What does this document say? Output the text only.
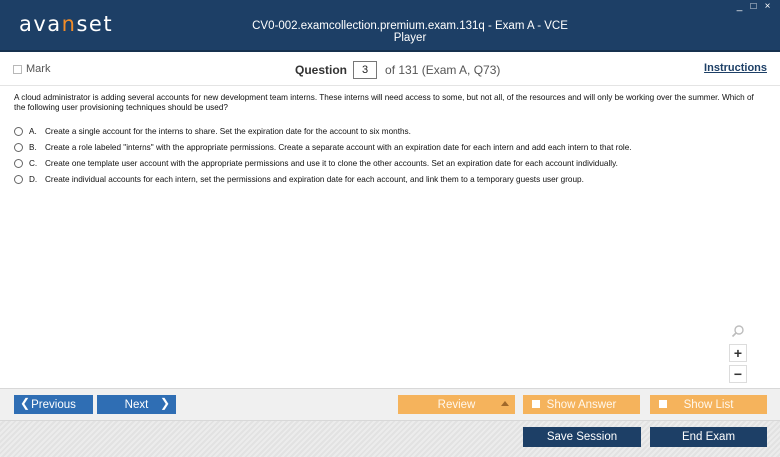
avanset	CV0-002.examcollection.premium.exam.131q - Exam A - VCE Player
_ □ ×
Mark	Question	3	of 131 (Exam A, Q73)	Instructions
A cloud administrator is adding several accounts for new development team interns. These interns will need access to some, but not all, of the resources and will only be working over the summer. Which of the following user provisioning techniques should be used?
A.	Create a single account for the interns to share. Set the expiration date for the account to six months.
B.	Create a role labeled "interns" with the appropriate permissions. Create a separate account with an expiration date for each intern and add each intern to that role.
C. Create one template user account with the appropriate permissions and use it to clone the other accounts. Set an expiration date for each account individually.
D. Create individual accounts for each intern, set the permissions and expiration date for each account, and link them to a temporary guests user group.
+
−
❮ Previous	Next ❯	Review	Show Answer	Show List
Save Session	End Exam
